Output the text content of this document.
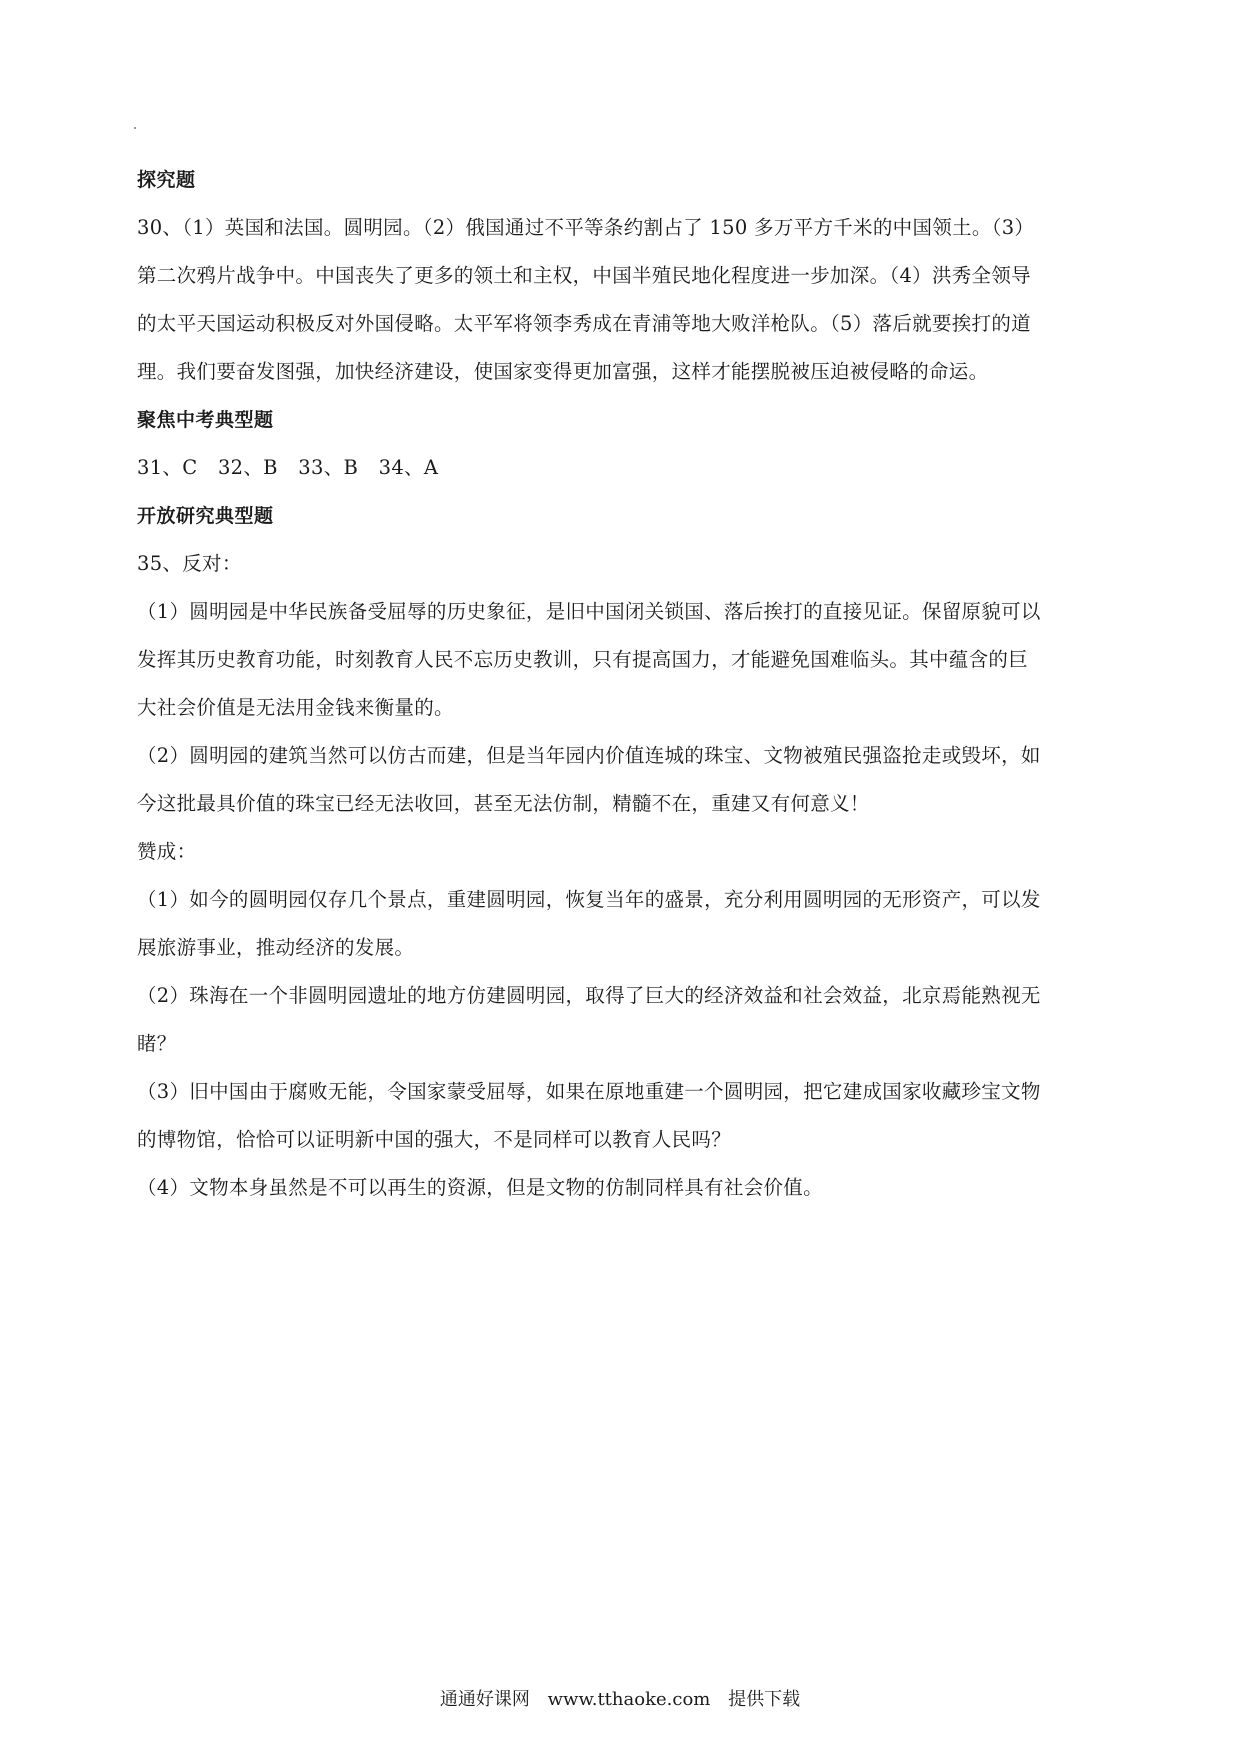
探究题

30、（1）英国和法国。圆明园。（2）俄国通过不平等条约割占了 150 多万平方千米的中国领土。（3）

第二次鸦片战争中。中国丧失了更多的领土和主权，中国半殖民地化程度进一步加深。（4）洪秀全领导

的太平天国运动积极反对外国侵略。太平军将领李秀成在青浦等地大败洋枪队。（5）落后就要挨打的道

理。我们要奋发图强，加快经济建设，使国家变得更加富强，这样才能摆脱被压迫被侵略的命运。

聚焦中考典型题

31、C 32、B 33、B 34、A

开放研究典型题

35、反对：

（1）圆明园是中华民族备受屈辱的历史象征，是旧中国闭关锁国、落后挨打的直接见证。保留原貌可以

发挥其历史教育功能，时刻教育人民不忘历史教训，只有提高国力，才能避免国难临头。其中蕴含的巨

大社会价值是无法用金钱来衡量的。

（2）圆明园的建筑当然可以仿古而建，但是当年园内价值连城的珠宝、文物被殖民强盗抢走或毁坏，如

今这批最具价值的珠宝已经无法收回，甚至无法仿制，精髓不在，重建又有何意义！

赞成：

（1）如今的圆明园仅存几个景点，重建圆明园，恢复当年的盛景，充分利用圆明园的无形资产，可以发

展旅游事业，推动经济的发展。

（2）珠海在一个非圆明园遗址的地方仿建圆明园，取得了巨大的经济效益和社会效益，北京焉能熟视无

睹？

（3）旧中国由于腐败无能，令国家蒙受屈辱，如果在原地重建一个圆明园，把它建成国家收藏珍宝文物

的博物馆，恰恰可以证明新中国的强大，不是同样可以教育人民吗？

（4）文物本身虽然是不可以再生的资源，但是文物的仿制同样具有社会价值。

通通好课网 www.tthaoke.com 提供下载
